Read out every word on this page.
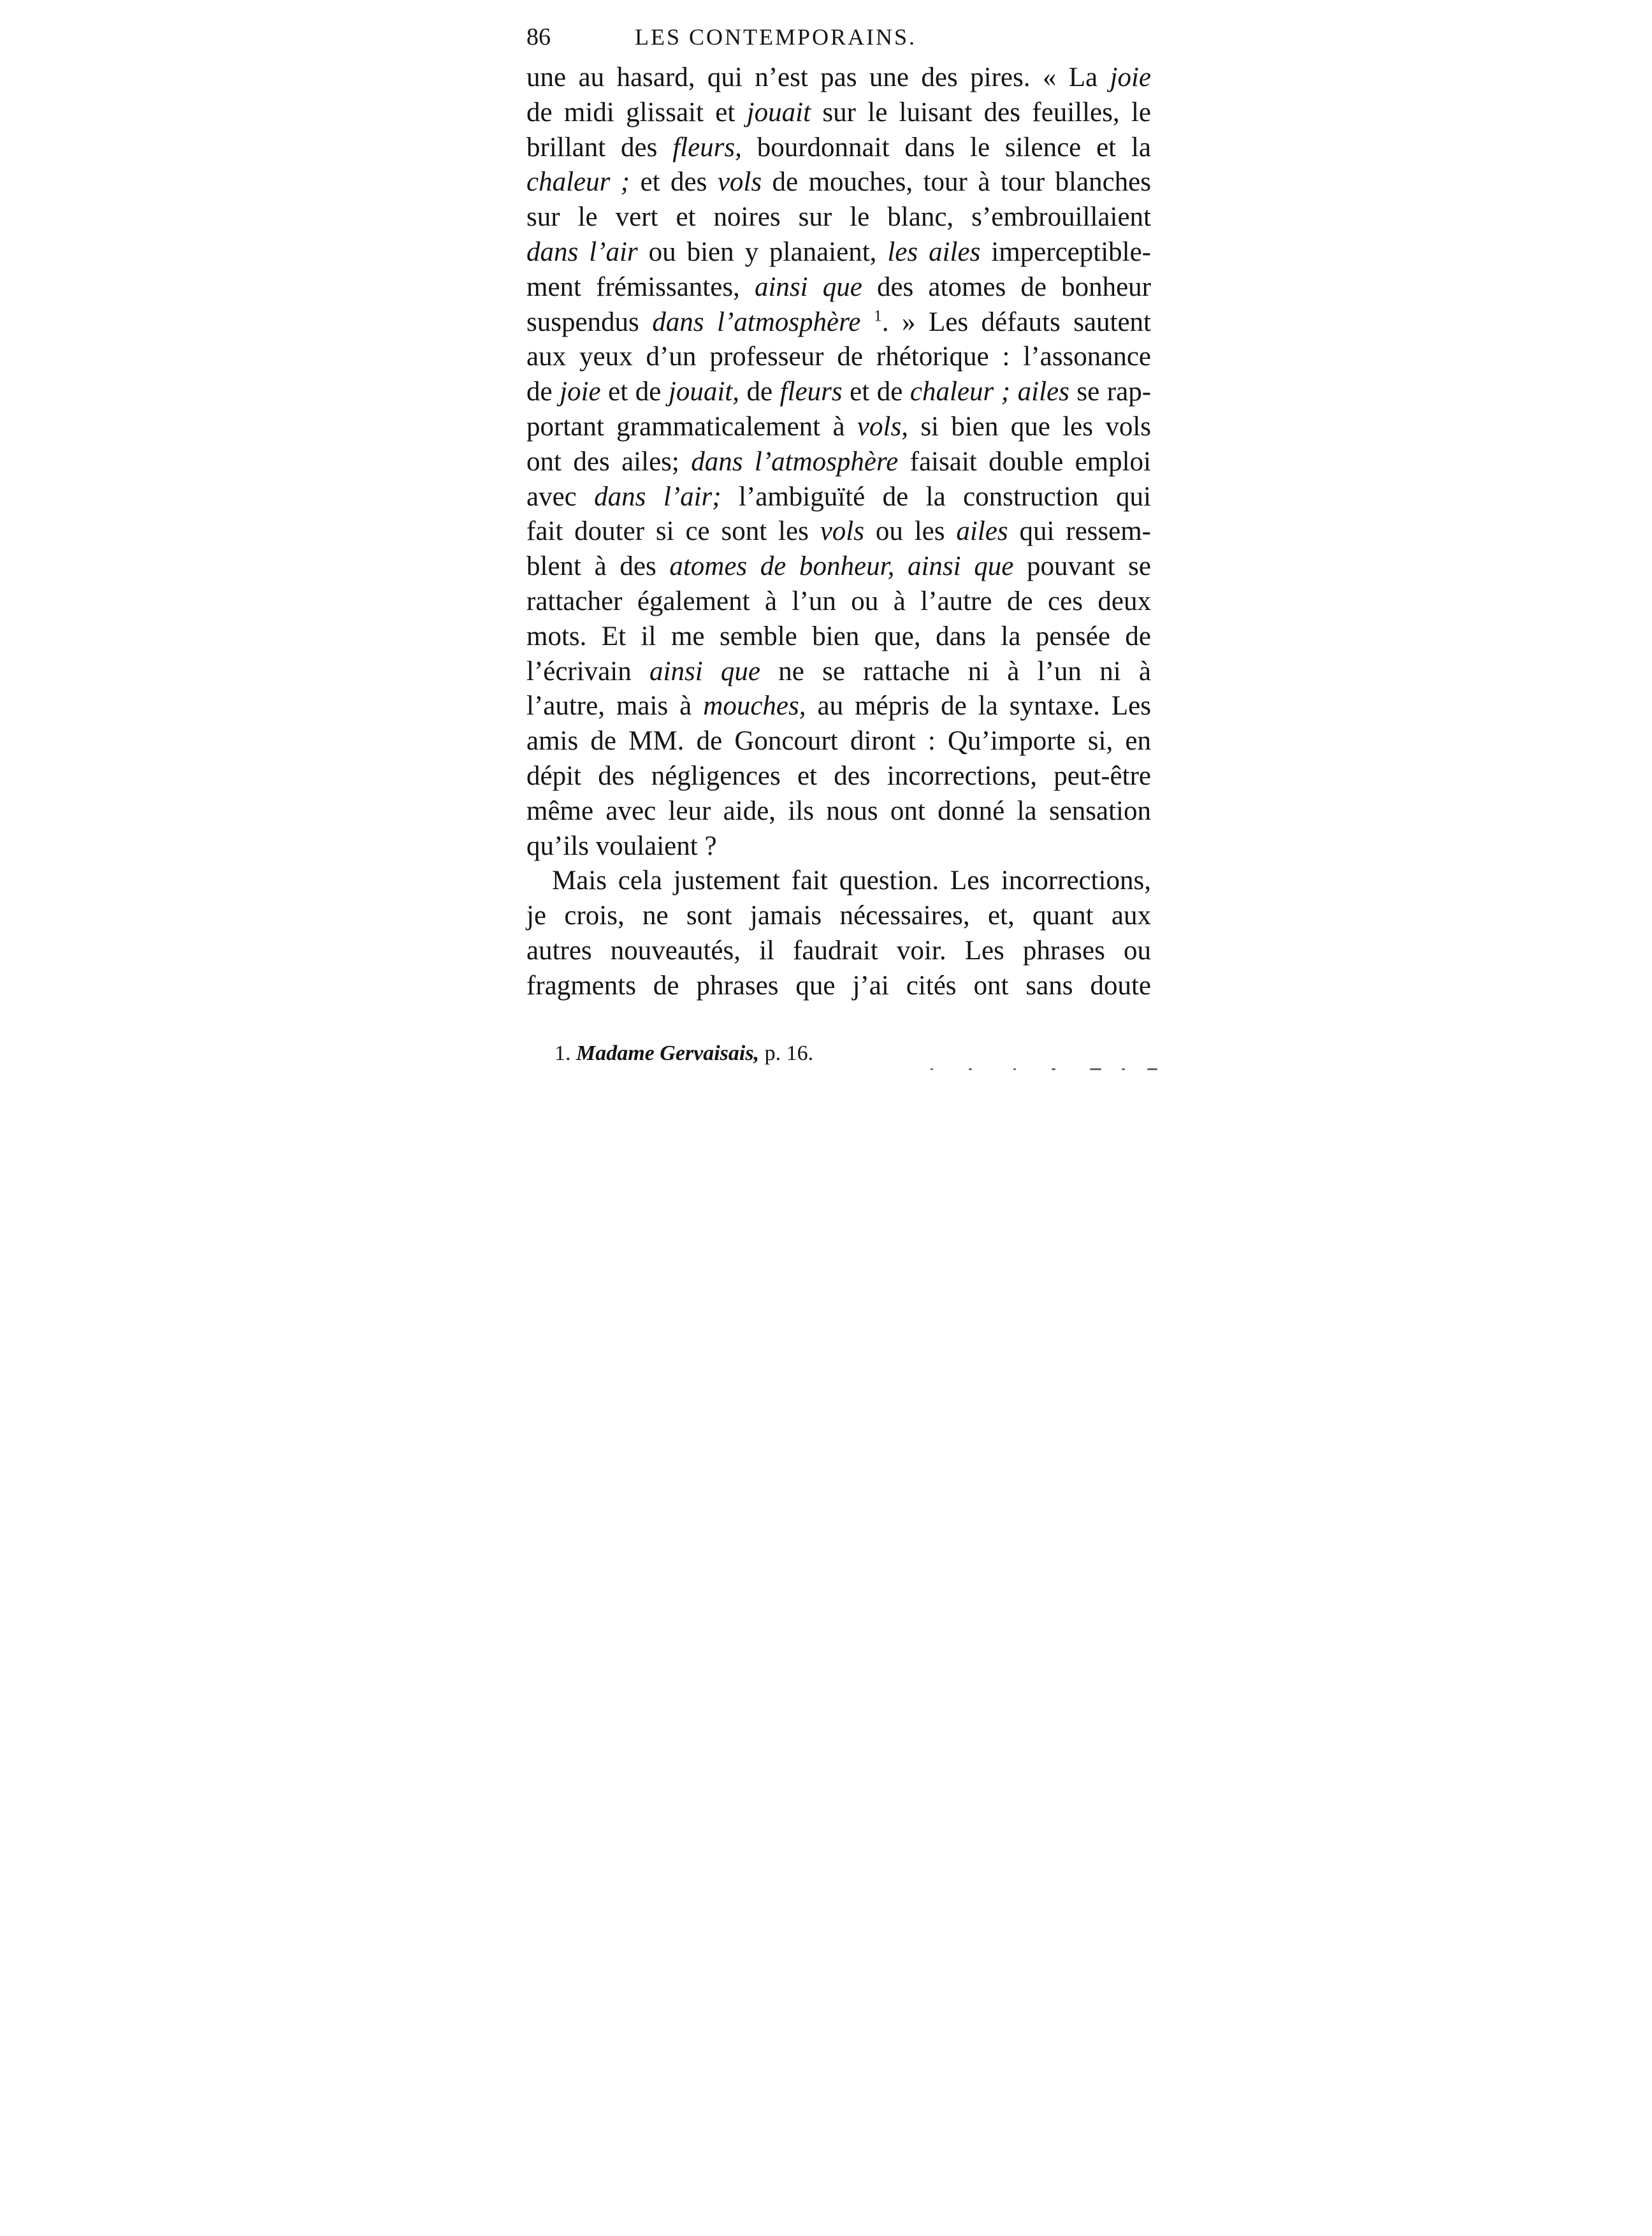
86	LES CONTEMPORAINS.
une au hasard, qui n’est pas une des pires. « La joie
de midi glissait et jouait sur le luisant des feuilles, le
brillant des fleurs, bourdonnait dans le silence et la
chaleur ; et des vols de mouches, tour à tour blanches
sur le vert et noires sur le blanc, s’embrouillaient
dans l’air ou bien y planaient, les ailes imperceptible-
ment frémissantes, ainsi que des atomes de bonheur
suspendus dans l’atmosphère $^1$. » Les défauts sautent
aux yeux d’un professeur de rhétorique : l’assonance
de joie et de jouait, de fleurs et de chaleur ; ailes se rap-
portant grammaticalement à vols, si bien que les vols
ont des ailes; dans l’atmosphère faisait double emploi
avec dans l’air; l’ambiguïté de la construction qui
fait douter si ce sont les vols ou les ailes qui ressem-
blent à des atomes de bonheur, ainsi que pouvant se
rattacher également à l’un ou à l’autre de ces deux
mots. Et il me semble bien que, dans la pensée de
l’écrivain ainsi que ne se rattache ni à l’un ni à
l’autre, mais à mouches, au mépris de la syntaxe. Les
amis de MM. de Goncourt diront : Qu’importe si, en
dépit des négligences et des incorrections, peut-être
même avec leur aide, ils nous ont donné la sensation
qu’ils voulaient ?
Mais cela justement fait question. Les incorrections,
je crois, ne sont jamais nécessaires, et, quant aux
autres nouveautés, il faudrait voir. Les phrases ou
fragments de phrases que j’ai cités ont sans doute
1. Madame Gervaisais, p. 16.
